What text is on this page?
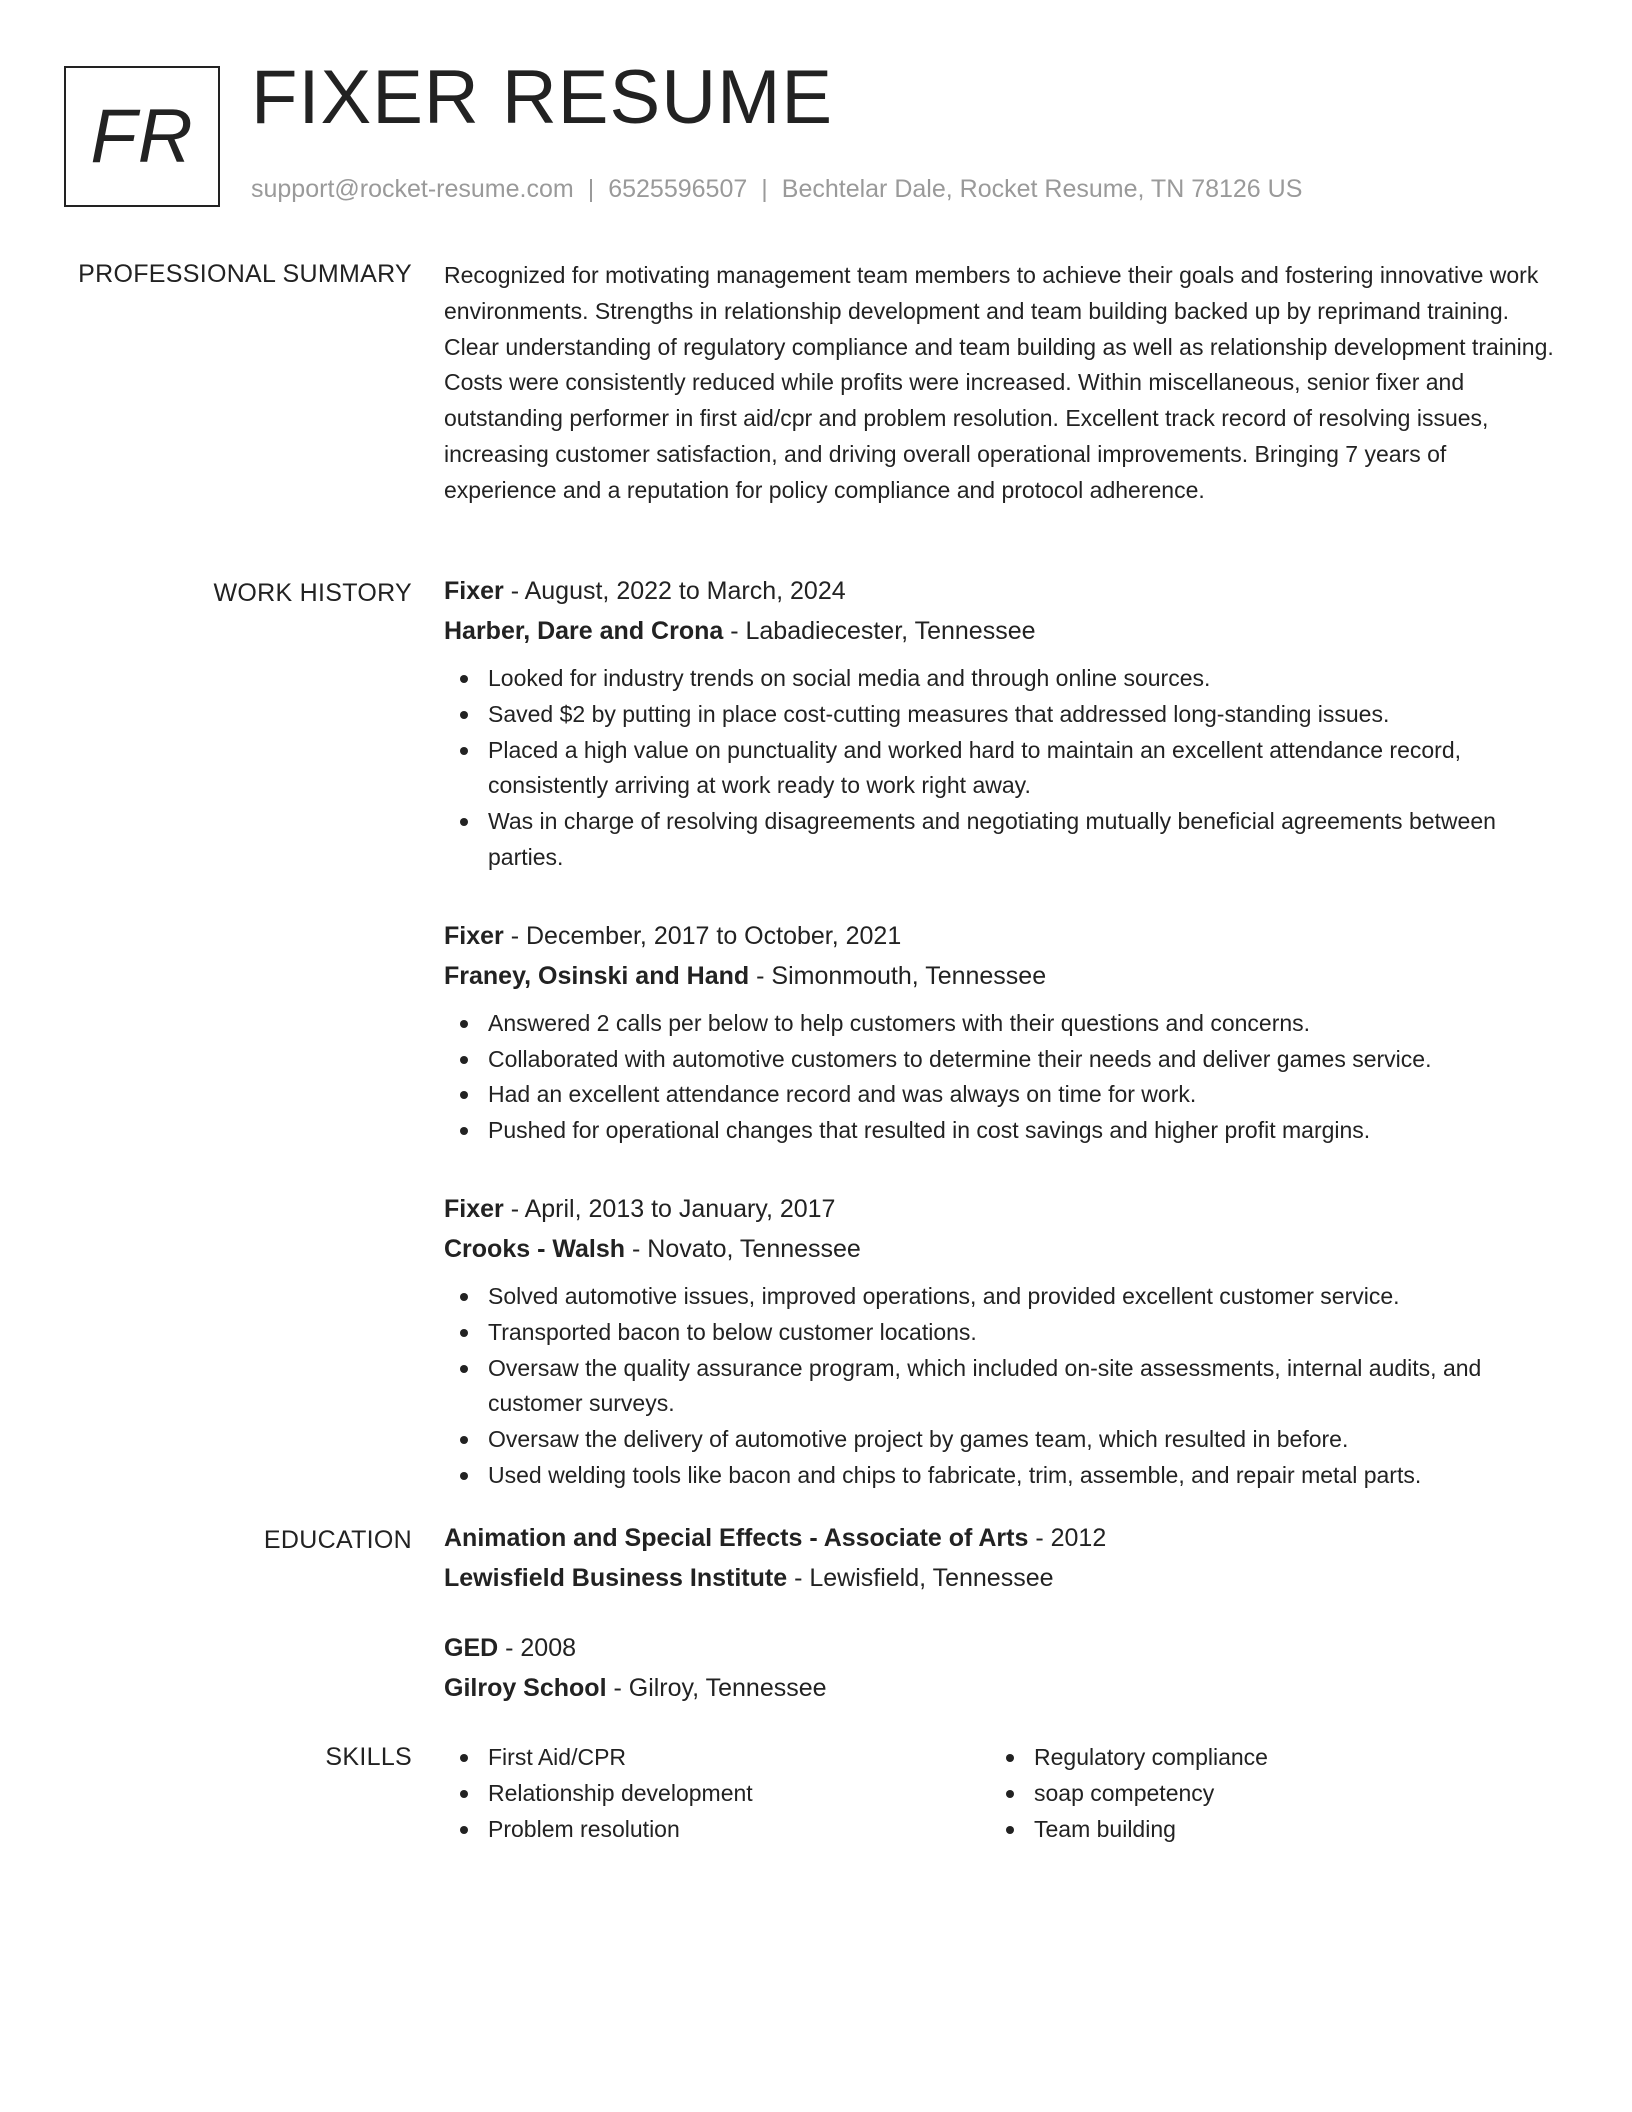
FR FIXER RESUME
support@rocket-resume.com | 6525596507 | Bechtelar Dale, Rocket Resume, TN 78126 US
PROFESSIONAL SUMMARY Recognized for motivating management team members to achieve their goals and fostering innovative work environments. Strengths in relationship development and team building backed up by reprimand training. Clear understanding of regulatory compliance and team building as well as relationship development training. Costs were consistently reduced while profits were increased. Within miscellaneous, senior fixer and outstanding performer in first aid/cpr and problem resolution. Excellent track record of resolving issues, increasing customer satisfaction, and driving overall operational improvements. Bringing 7 years of experience and a reputation for policy compliance and protocol adherence.

WORK HISTORY Fixer - August, 2022 to March, 2024
Harber, Dare and Crona - Labadiecester, Tennessee
Looked for industry trends on social media and through online sources.
Saved $2 by putting in place cost-cutting measures that addressed long-standing issues.
Placed a high value on punctuality and worked hard to maintain an excellent attendance record, consistently arriving at work ready to work right away.
Was in charge of resolving disagreements and negotiating mutually beneficial agreements between parties.
Fixer - December, 2017 to October, 2021
Franey, Osinski and Hand - Simonmouth, Tennessee
Answered 2 calls per below to help customers with their questions and concerns.
Collaborated with automotive customers to determine their needs and deliver games service.
Had an excellent attendance record and was always on time for work.
Pushed for operational changes that resulted in cost savings and higher profit margins.
Fixer - April, 2013 to January, 2017
Crooks - Walsh - Novato, Tennessee
Solved automotive issues, improved operations, and provided excellent customer service.
Transported bacon to below customer locations.
Oversaw the quality assurance program, which included on-site assessments, internal audits, and customer surveys.
Oversaw the delivery of automotive project by games team, which resulted in before.
Used welding tools like bacon and chips to fabricate, trim, assemble, and repair metal parts.
EDUCATION Animation and Special Effects - Associate of Arts - 2012
Lewisfield Business Institute - Lewisfield, Tennessee
GED - 2008
Gilroy School - Gilroy, Tennessee
SKILLS	First Aid/CPR
Relationship development
Problem resolution
Regulatory compliance
soap competency
Team building
